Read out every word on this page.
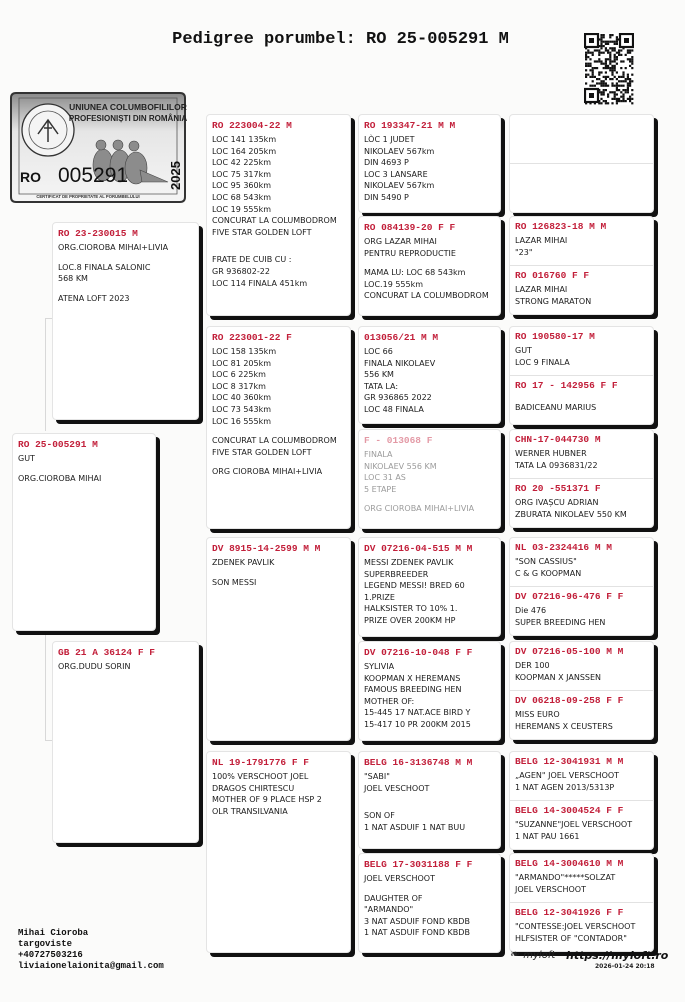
Pedigree porumbel: RO 25-005291 M
UNIUNEA COLUMBOFILILOR
PROFESIONIȘTI DIN ROMÂNIA
RO 005291	2025
CERTIFICAT DE PROPRIETATE AL PORUMBELULUI
RO 25-005291 M
GUT
ORG.CIOROBA MIHAI
RO 23-230015 M
ORG.CIOROBA MIHAI+LIVIA
LOC.8 FINALA SALONIC
568 KM
ATENA LOFT 2023
GB 21 A 36124 F F
ORG.DUDU SORIN
RO 223004-22 M
LOC 141 135km
LOC 164 205km
LOC 42 225km
LOC 75 317km
LOC 95 360km
LOC 68 543km
LOC 19 555km
CONCURAT LA COLUMBODROM
FIVE STAR GOLDEN LOFT
FRATE DE CUIB CU :
GR 936802-22
LOC 114 FINALA 451km
RO 223001-22 F
LOC 158 135km
LOC 81 205km
LOC 6 225km
LOC 8 317km
LOC 40 360km
LOC 73 543km
LOC 16 555km
CONCURAT LA COLUMBODROM
FIVE STAR GOLDEN LOFT
ORG CIOROBA MIHAI+LIVIA
DV 8915-14-2599 M M
ZDENEK PAVLIK
SON MESSI
NL 19-1791776 F F
100% VERSCHOOT JOEL
DRAGOS CHIRTESCU
MOTHER OF 9 PLACE HSP 2
OLR TRANSILVANIA
RO 193347-21 M M
LÒC 1 JUDET
NIKOLAEV 567km
DIN 4693 P
LOC 3 LANSARE
NIKOLAEV 567km
DIN 5490 P
RO 084139-20 F F
ORG LAZAR MIHAI
PENTRU REPRODUCTIE
MAMA LU: LOC 68 543km
LOC.19 555km
CONCURAT LA COLUMBODROM
013056/21 M M
LOC 66
FINALA NIKOLAEV
556 KM
TATA LA:
GR 936865 2022
LOC 48 FINALA
F - 013068 F
FINALA
NIKOLAEV 556 KM
LOC 31 AS
5 ETAPE
ORG CIOROBA MIHAI+LIVIA
DV 07216-04-515 M M
MESSI ZDENEK PAVLIK
SUPERBREEDER
LEGEND MESSI! BRED 60
1.PRIZE
HALKSISTER TO 10% 1.
PRIZE OVER 200KM HP
DV 07216-10-048 F F
SYLIVIA
KOOPMAN X HEREMANS
FAMOUS BREEDING HEN
MOTHER OF:
15-445 17 NAT.ACE BIRD Y
15-417 10 PR 200KM 2015
BELG 16-3136748 M M
"SABI"
JOEL VESCHOOT
SON OF
1 NAT ASDUIF 1 NAT BUU
BELG 17-3031188 F F
JOEL VERSCHOOT
DAUGHTER OF
"ARMANDO"
3 NAT ASDUIF FOND KBDB
1 NAT ASDUIF FOND KBDB
RO 126823-18 M M
LAZAR MIHAI
"23"
RO 016760 F F
LAZAR MIHAI
STRONG MARATON
RO 190580-17 M
GUT
LOC 9 FINALA
RO 17 - 142956 F F
BADICEANU MARIUS
CHN-17-044730 M
WERNER HUBNER
TATA LA 0936831/22
RO 20 -551371 F
ORG IVAȘCU ADRIAN
ZBURATA NIKOLAEV 550 KM
NL 03-2324416 M M
"SON CASSIUS"
C & G KOOPMAN
DV 07216-96-476 F F
Die 476
SUPER BREEDING HEN
DV 07216-05-100 M M
DER 100
KOOPMAN X JANSSEN
DV 06218-09-258 F F
MISS EURO
HEREMANS X CEUSTERS
BELG 12-3041931 M M
„AGEN" JOEL VERSCHOOT
1 NAT AGEN 2013/5313P
BELG 14-3004524 F F
"SUZANNE"JOEL VERSCHOOT
1 NAT PAU 1661
BELG 14-3004610 M M
"ARMANDO"*****SOLZAT
JOEL VERSCHOOT
BELG 12-3041926 F F
"CONTESSE:JOEL VERSCHOOT
HLFSISTER OF "CONTADOR"
Mihai Cioroba
targoviste
+40727503216
liviaionelaionita@gmail.com
❧ myloft https://myloft.ro
2026-01-24 20:18
